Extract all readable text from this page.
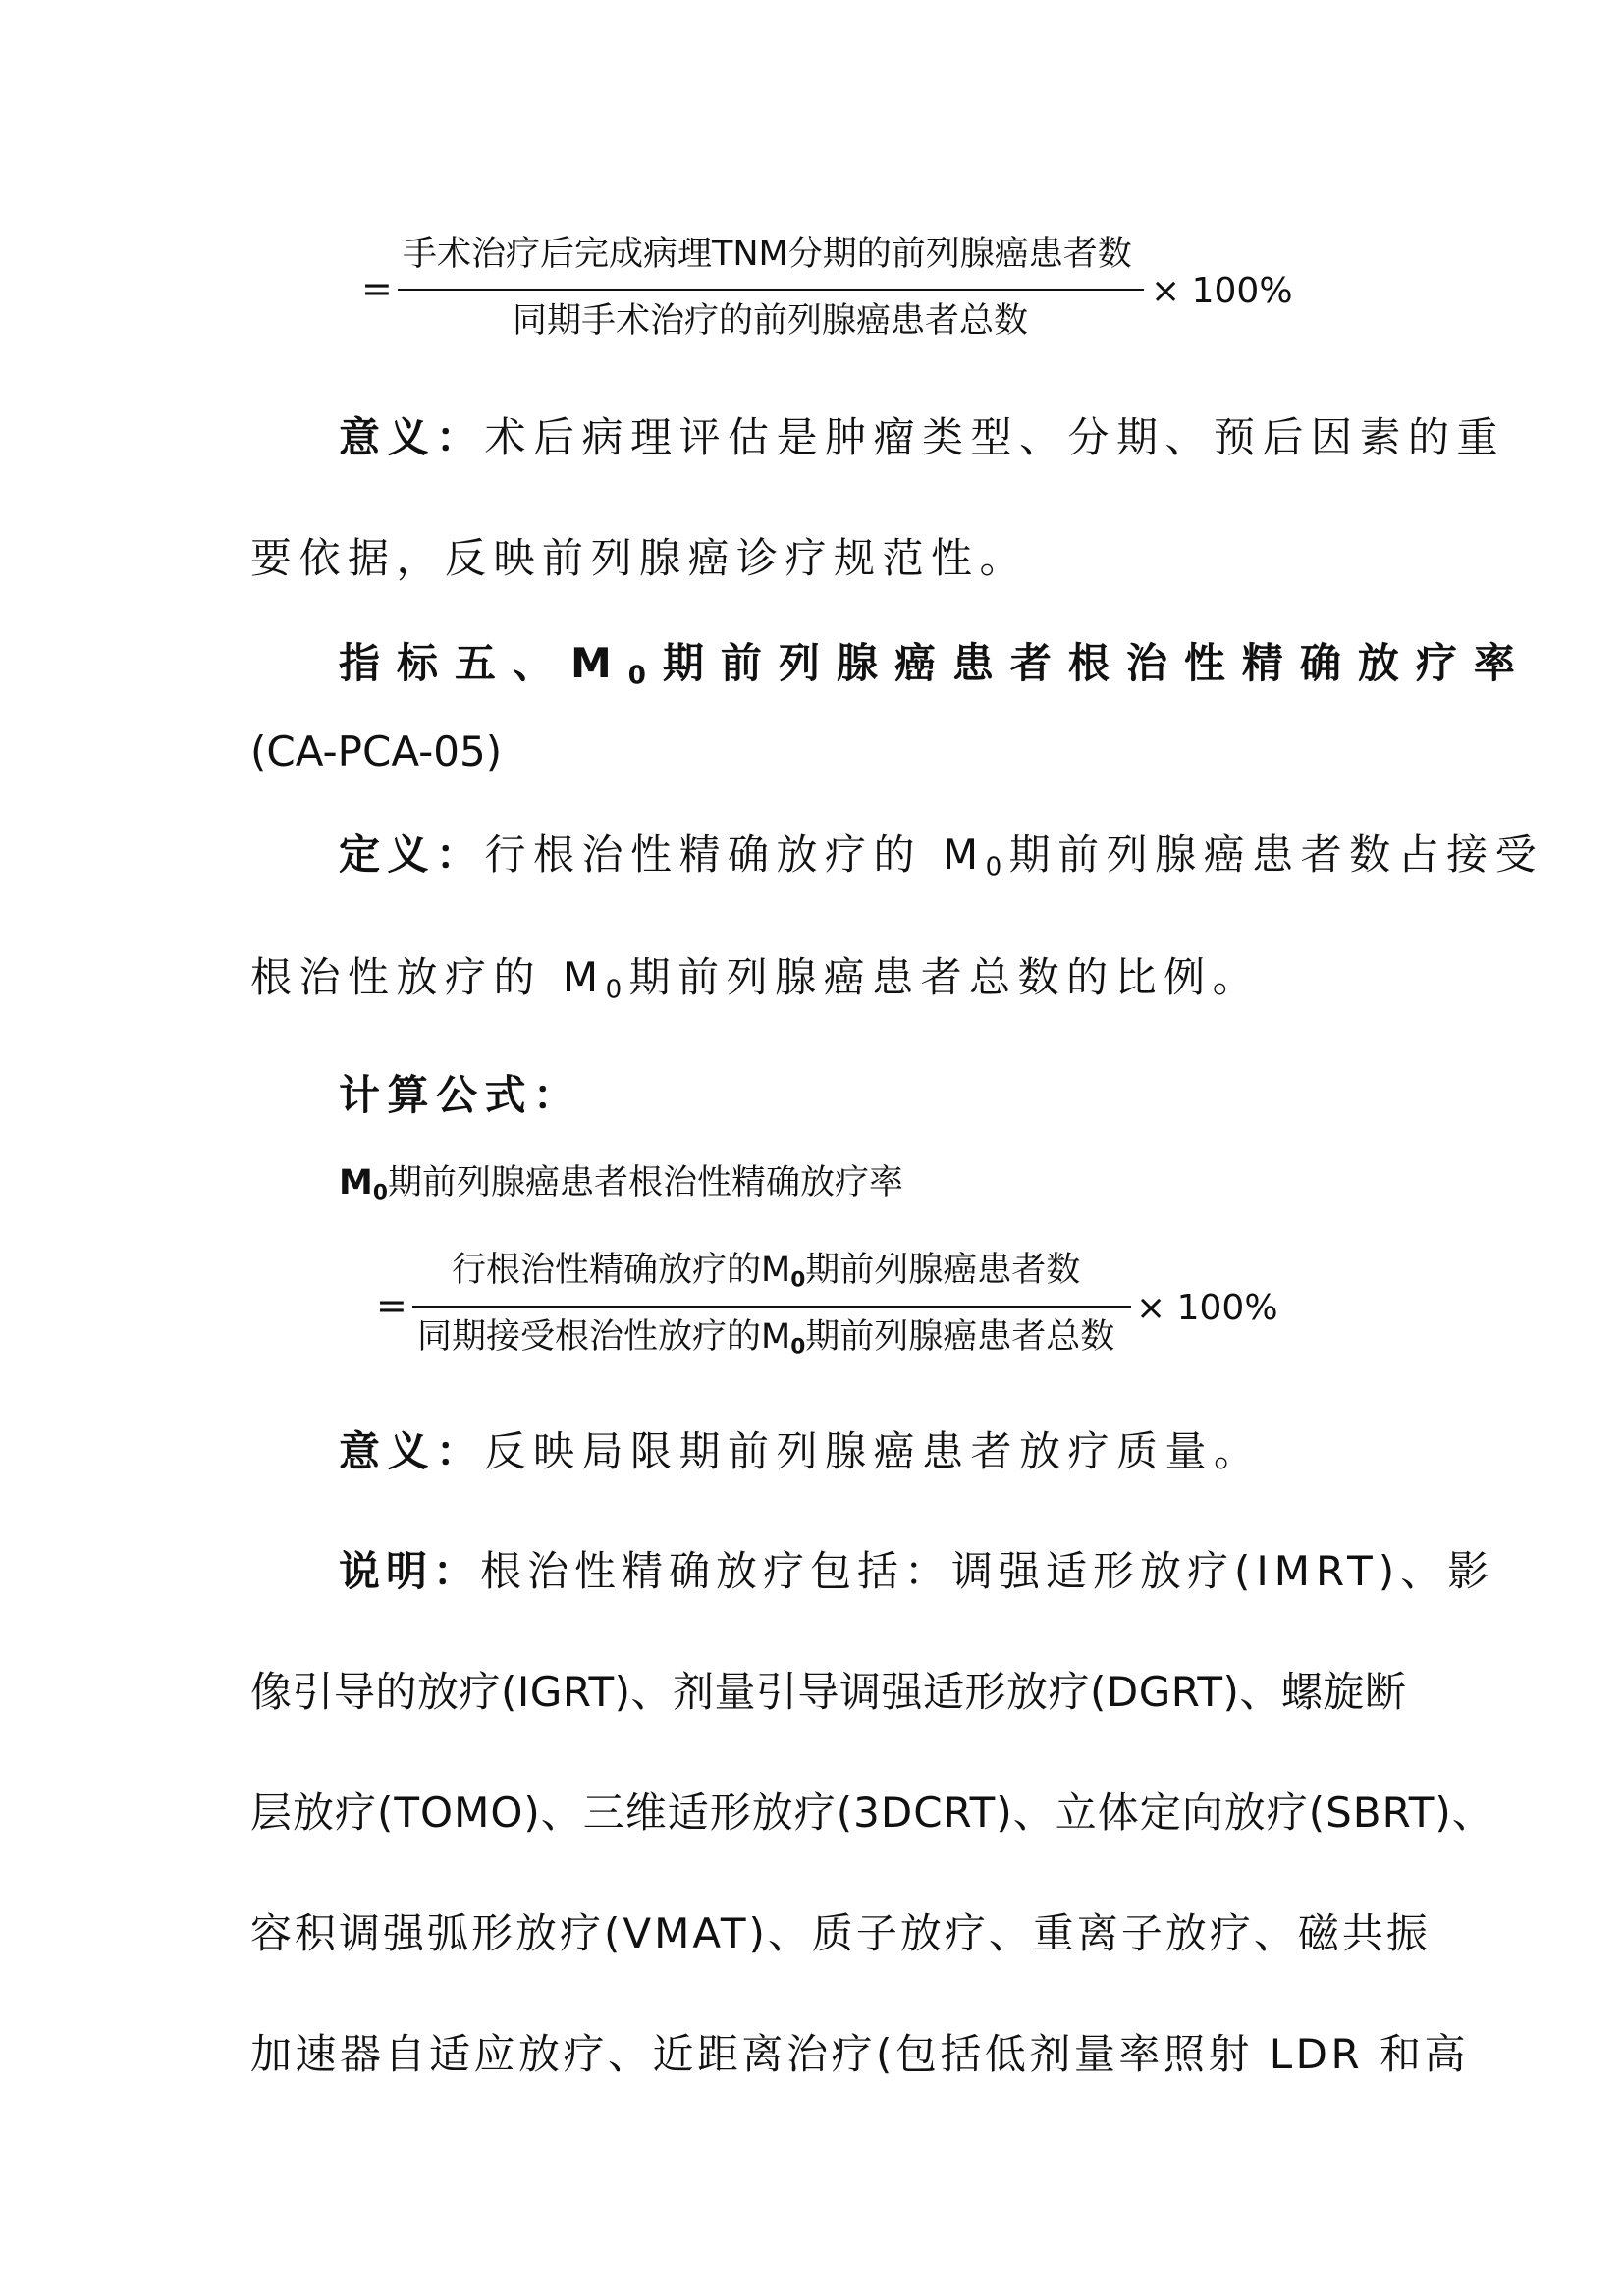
=
手术治疗后完成病理TNM分期的前列腺癌患者数
同期手术治疗的前列腺癌患者总数
× 100%
意义：术后病理评估是肿瘤类型、分期、预后因素的重
要依据，反映前列腺癌诊疗规范性。
指标五、$M_0$期前列腺癌患者根治性精确放疗率
(CA-PCA-05)
定义：行根治性精确放疗的 $M_0$期前列腺癌患者数占接受
根治性放疗的 $M_0$期前列腺癌患者总数的比例。
计算公式：
$M_0$期前列腺癌患者根治性精确放疗率
=
行根治性精确放疗的$M_0$期前列腺癌患者数
同期接受根治性放疗的$M_0$期前列腺癌患者总数
× 100%
意义：反映局限期前列腺癌患者放疗质量。
说明：根治性精确放疗包括：调强适形放疗(IMRT)、影
像引导的放疗(IGRT)、剂量引导调强适形放疗(DGRT)、螺旋断
层放疗(TOMO)、三维适形放疗(3DCRT)、立体定向放疗(SBRT)、
容积调强弧形放疗(VMAT)、质子放疗、重离子放疗、磁共振
加速器自适应放疗、近距离治疗(包括低剂量率照射 LDR 和高
